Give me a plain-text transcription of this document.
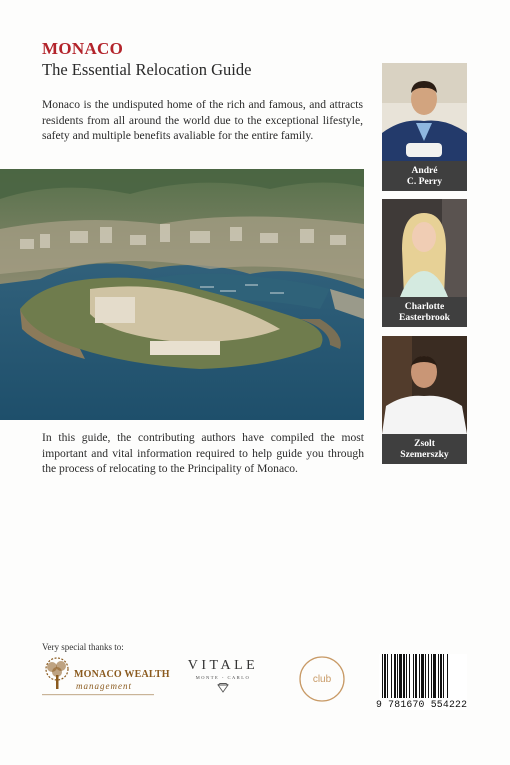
MONACO
The Essential Relocation Guide

Monaco is the undisputed home of the rich and famous, and attracts residents from all around the world due to the exceptional lifestyle, safety and multiple benefits avaliable for the entire family.

André
C. Perry
Charlotte
Easterbrook
Zsolt
Szemerszky

In this guide, the contributing authors have compiled the most important and vital information required to help guide you through the process of relocating to the Principality of Monaco.

Very special thanks to:
MONACO WEALTH
management
VITALE
MONTE - CARLO	club
9 781670 554222
